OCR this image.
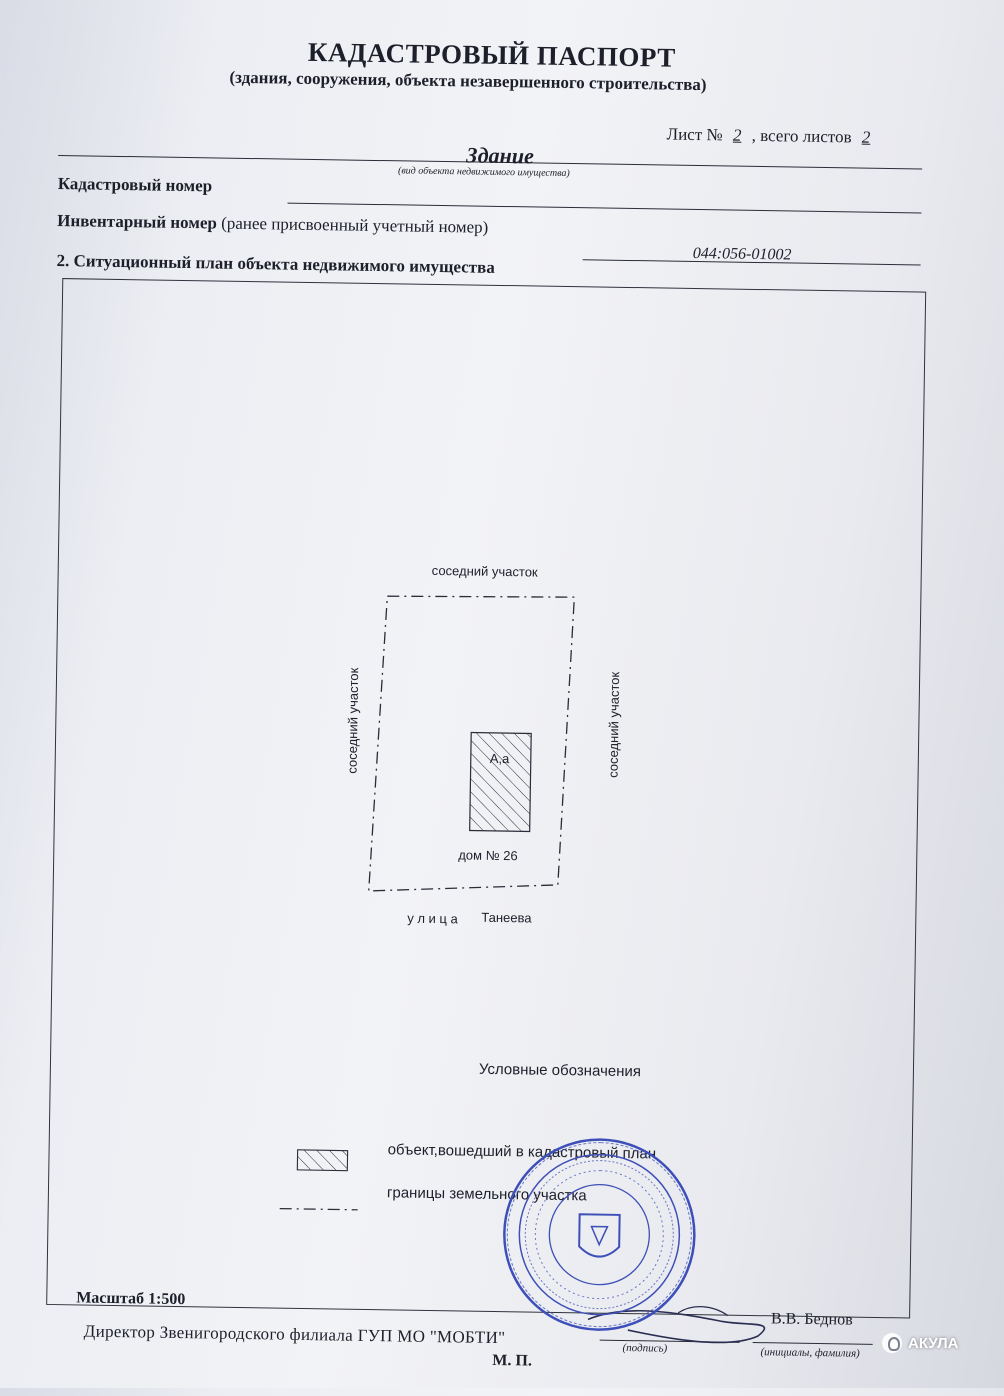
КАДАСТРОВЫЙ ПАСПОРТ
(здания, сооружения, объекта незавершенного строительства)
Лист № 2 , всего листов 2
Здание
(вид объекта недвижимого имущества)
Кадастровый номер
Инвентарный номер (ранее присвоенный учетный номер)
044:056-01002
2. Ситуационный план объекта недвижимого имущества
соседний участок
соседний участок	соседний участок
А,а
дом № 26
у л и ц а Танеева
Условные обозначения
объект,вошедший в кадастровый план
границы земельного участка
Масштаб 1:500
Директор Звенигородского филиала ГУП МО "МОБТИ"
В.В. Беднов
(подпись)	(инициалы, фамилия)
М. П.
АКУЛА
